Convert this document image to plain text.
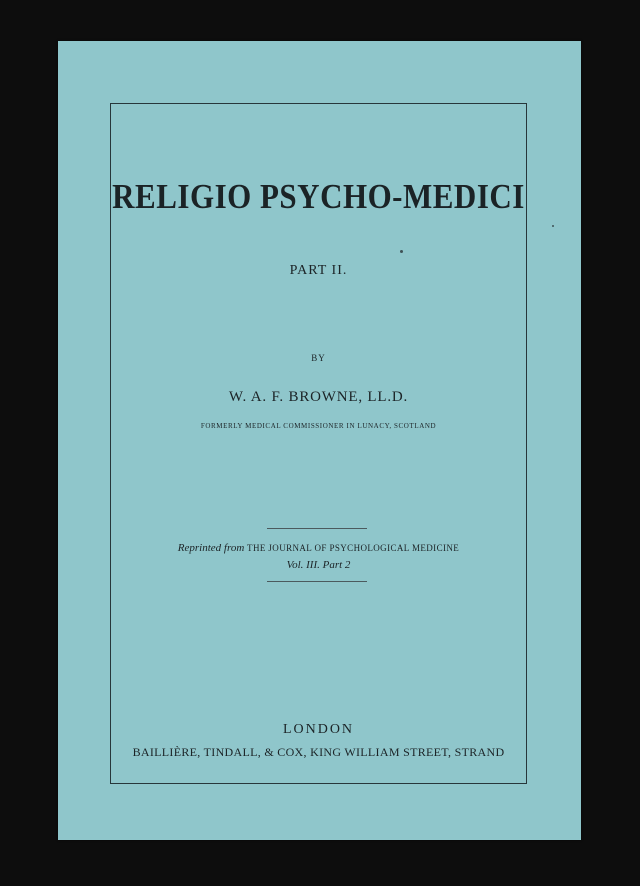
RELIGIO PSYCHO-MEDICI
PART II.
BY
W. A. F. BROWNE, LL.D.
FORMERLY MEDICAL COMMISSIONER IN LUNACY, SCOTLAND
Reprinted from THE JOURNAL OF PSYCHOLOGICAL MEDICINE
Vol. III. Part 2
LONDON
BAILLIÈRE, TINDALL, & COX, KING WILLIAM STREET, STRAND
